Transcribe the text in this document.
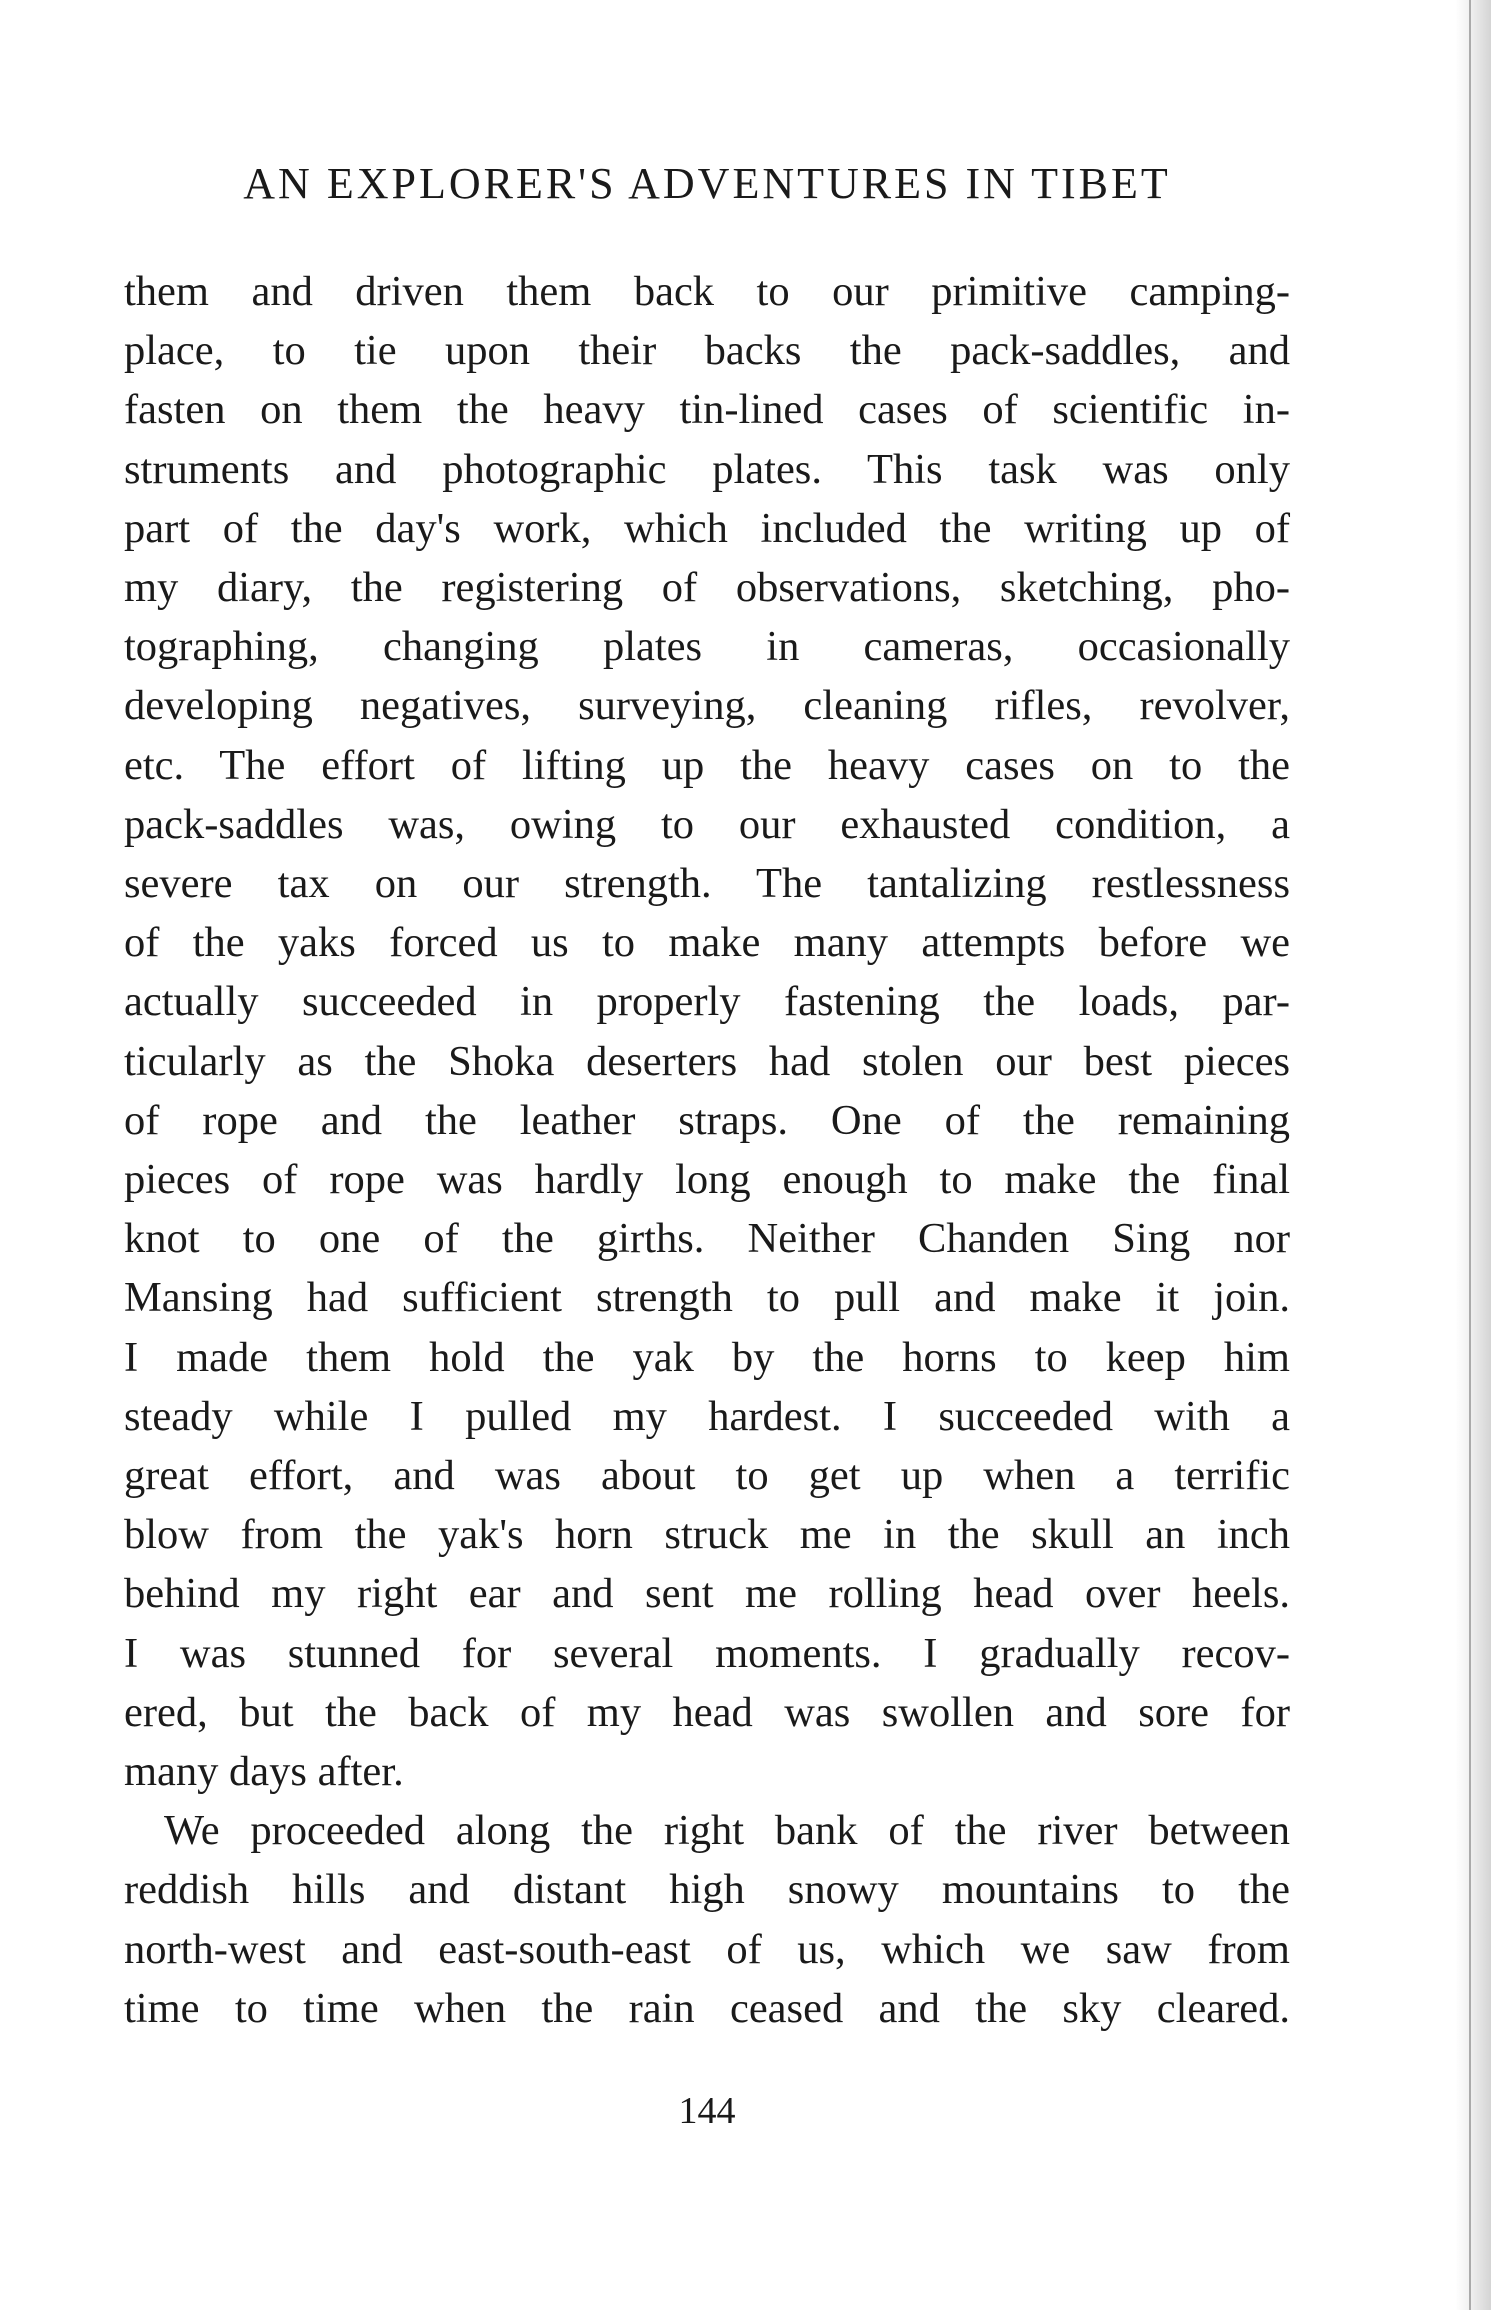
AN EXPLORER'S ADVENTURES IN TIBET
them and driven them back to our primitive camping-
place, to tie upon their backs the pack-saddles, and
fasten on them the heavy tin-lined cases of scientific in-
struments and photographic plates. This task was only
part of the day's work, which included the writing up of
my diary, the registering of observations, sketching, pho-
tographing, changing plates in cameras, occasionally
developing negatives, surveying, cleaning rifles, revolver,
etc. The effort of lifting up the heavy cases on to the
pack-saddles was, owing to our exhausted condition, a
severe tax on our strength. The tantalizing restlessness
of the yaks forced us to make many attempts before we
actually succeeded in properly fastening the loads, par-
ticularly as the Shoka deserters had stolen our best pieces
of rope and the leather straps. One of the remaining
pieces of rope was hardly long enough to make the final
knot to one of the girths. Neither Chanden Sing nor
Mansing had sufficient strength to pull and make it join.
I made them hold the yak by the horns to keep him
steady while I pulled my hardest. I succeeded with a
great effort, and was about to get up when a terrific
blow from the yak's horn struck me in the skull an inch
behind my right ear and sent me rolling head over heels.
I was stunned for several moments. I gradually recov-
ered, but the back of my head was swollen and sore for
many days after.
We proceeded along the right bank of the river between
reddish hills and distant high snowy mountains to the
north-west and east-south-east of us, which we saw from
time to time when the rain ceased and the sky cleared.
144
